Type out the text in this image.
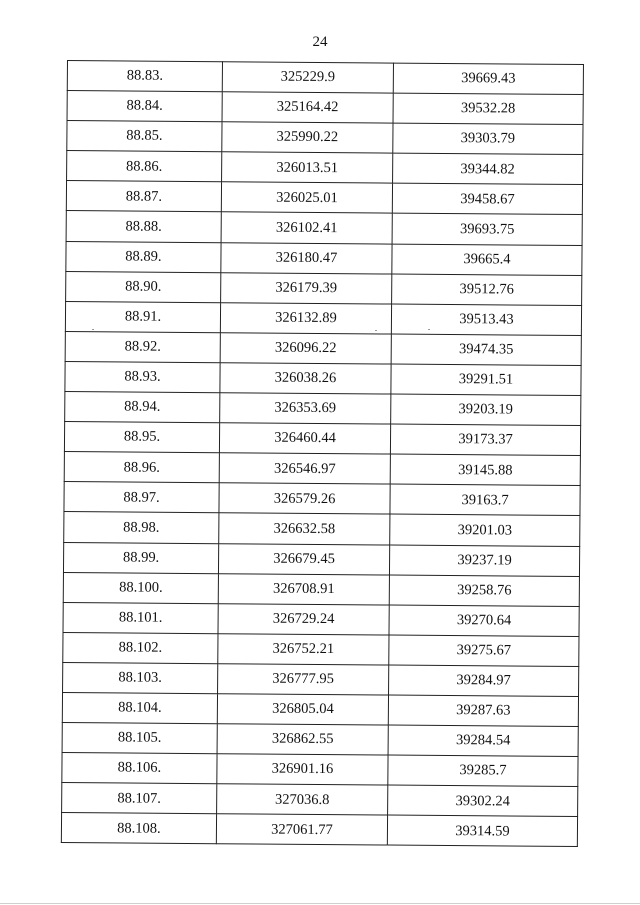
24
88.83.	325229.9	39669.43
88.84.	325164.42	39532.28
88.85.	325990.22	39303.79
88.86.	326013.51	39344.82
88.87.	326025.01	39458.67
88.88.	326102.41	39693.75
88.89.	326180.47	39665.4
88.90.	326179.39	39512.76
88.91.	326132.89	39513.43
88.92.	326096.22	39474.35
88.93.	326038.26	39291.51
88.94.	326353.69	39203.19
88.95.	326460.44	39173.37
88.96.	326546.97	39145.88
88.97.	326579.26	39163.7
88.98.	326632.58	39201.03
88.99.	326679.45	39237.19
88.100.	326708.91	39258.76
88.101.	326729.24	39270.64
88.102.	326752.21	39275.67
88.103.	326777.95	39284.97
88.104.	326805.04	39287.63
88.105.	326862.55	39284.54
88.106.	326901.16	39285.7
88.107.	327036.8	39302.24
88.108.	327061.77	39314.59
